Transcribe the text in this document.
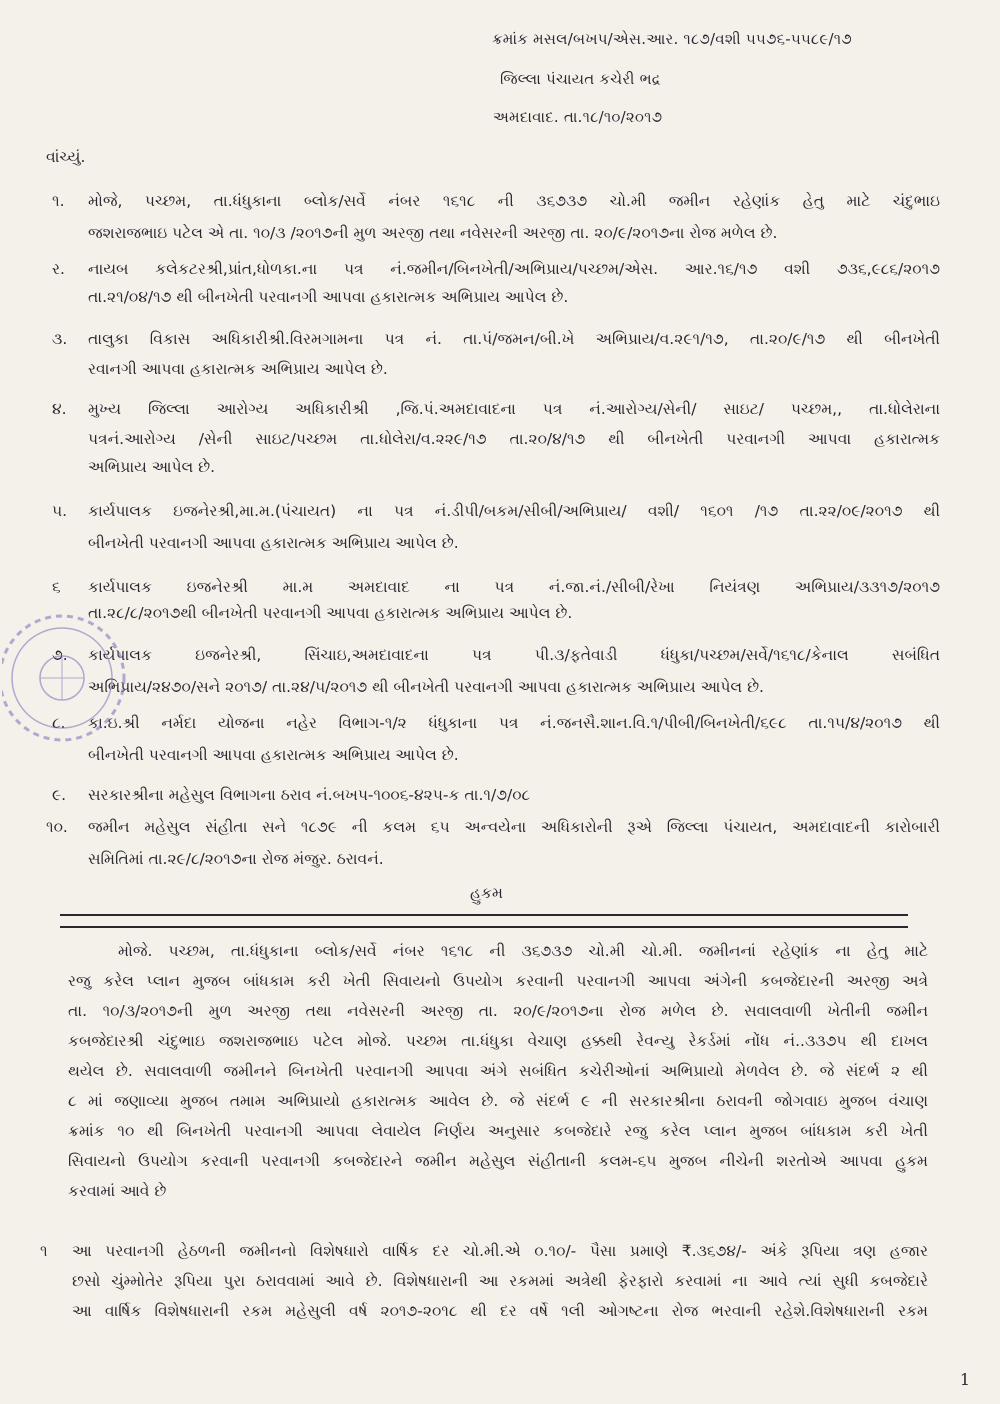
ક્રમાંક મસલ/બખપ/એસ.આર. ૧૮૭/વશી ૫૫૭૬-૫૫૮૯/૧૭
જિલ્લા પંચાયત કચેરી ભદ્ર
અમદાવાદ. તા.૧૮/૧૦/૨૦૧૭
વાંચ્યું.
૧. મોજે, પચ્છમ, તા.ધંધુકાના બ્લોક/સર્વે નંબર ૧૬૧૮ ની ૩૬૭૩૭ ચો.મી જમીન રહેણાંક હેતુ માટે ચંદુભાઇ
જશરાજભાઇ પટેલ એ તા. ૧૦/૩ /૨૦૧૭ની મુળ અરજી તથા નવેસરની અરજી તા. ૨૦/૯/૨૦૧૭ના રોજ મળેલ છે.
ર. નાયબ કલેકટરશ્રી,પ્રાંત,ધોળકા.ના પત્ર નં.જમીન/બિનખેતી/અભિપ્રાય/પચ્છમ/એસ. આર.૧૬/૧૭ વશી ૭૩૬,૯૮૬/૨૦૧૭
તા.૨૧/૦૪/૧૭ થી બીનખેતી પરવાનગી આપવા હકારાત્મક અભિપ્રાય આપેલ છે.
૩. તાલુકા વિકાસ અધિકારીશ્રી.વિરમગામના પત્ર નં. તા.પં/જમન/બી.ખે અભિપ્રાય/વ.૨૯૧/૧૭, તા.૨૦/૯/૧૭ થી બીનખેતી
રવાનગી આપવા હકારાત્મક અભિપ્રાય આપેલ છે.
૪. મુખ્ય જિલ્લા આરોગ્ય અધિકારીશ્રી ,જિ.પં.અમદાવાદના પત્ર નં.આરોગ્ય/સેની/ સાઇટ/ પચ્છમ,, તા.ધોલેરાના
પત્રનં.આરોગ્ય /સેની સાઇટ/પચ્છમ તા.ધોલેરા/વ.૨૨૯/૧૭ તા.૨૦/૪/૧૭ થી બીનખેતી પરવાનગી આપવા હકારાત્મક
અભિપ્રાય આપેલ છે.
૫. કાર્યપાલક ઇજનેરશ્રી,મા.મ.(પંચાયત) ના પત્ર નં.ડીપી/બકમ/સીબી/અભિપ્રાય/ વશી/ ૧૬૦૧ /૧૭ તા.૨૨/૦૯/૨૦૧૭ થી
બીનખેતી પરવાનગી આપવા હકારાત્મક અભિપ્રાય આપેલ છે.
૬ કાર્યપાલક ઇજનેરશ્રી મા.મ અમદાવાદ ના પત્ર નં.જા.નં./સીબી/રેખા નિયંત્રણ અભિપ્રાય/૩૩૧૭/૨૦૧૭
તા.૨૮/૮/૨૦૧૭થી બીનખેતી પરવાનગી આપવા હકારાત્મક અભિપ્રાય આપેલ છે.
૭. કાર્યપાલક ઇજનેરશ્રી, સિંચાઇ,અમદાવાદના પત્ર પી.૩/ફતેવાડી ધંધુકા/પચ્છમ/સર્વે/૧૬૧૮/કેનાલ સબંધિત
અભિપ્રાય/૨૪૭૦/સને ૨૦૧૭/ તા.૨૪/૫/૨૦૧૭ થી બીનખેતી પરવાનગી આપવા હકારાત્મક અભિપ્રાય આપેલ છે.
૮. કા.ઇ.શ્રી નર્મદા યોજના નહેર વિભાગ-૧/૨ ધંધુકાના પત્ર નં.જનસૈ.શાન.વિ.૧/પીબી/બિનખેતી/૬૯૮ તા.૧૫/૪/૨૦૧૭ થી
બીનખેતી પરવાનગી આપવા હકારાત્મક અભિપ્રાય આપેલ છે.
૯. સરકારશ્રીના મહેસુલ વિભાગના ઠરાવ નં.બખપ-૧૦૦૬-૪૨૫-ક તા.૧/૭/૦૮
૧૦. જમીન મહેસુલ સંહીતા સને ૧૮૭૯ ની કલમ ૬૫ અન્વયેના અધિકારોની રૂએ જિલ્લા પંચાયત, અમદાવાદની કારોબારી
સમિતિમાં તા.૨૯/૮/૨૦૧૭ના રોજ મંજુર. ઠરાવનં.
હુકમ
મોજે. પચ્છમ, તા.ધંધુકાના બ્લોક/સર્વે નંબર ૧૬૧૮ ની ૩૬૭૩૭ ચો.મી ચો.મી. જમીનનાં રહેણાંક ના હેતુ માટે
રજુ કરેલ પ્લાન મુજબ બાંધકામ કરી ખેતી સિવાયનો ઉપયોગ કરવાની પરવાનગી આપવા અંગેની કબજેદારની અરજી અત્રે
તા. ૧૦/૩/૨૦૧૭ની મુળ અરજી તથા નવેસરની અરજી તા. ૨૦/૯/૨૦૧૭ના રોજ મળેલ છે. સવાલવાળી ખેતીની જમીન
કબજેદારશ્રી ચંદુભાઇ જશરાજભાઇ પટેલ મોજે. પચ્છમ તા.ધંધુકા વેચાણ હક્કથી રેવન્યુ રેકર્ડમાં નોંધ નં..૩૩૭૫ થી દાખલ
થયેલ છે. સવાલવાળી જમીનને બિનખેતી પરવાનગી આપવા અંગે સબંધિત કચેરીઓનાં અભિપ્રાયો મેળવેલ છે. જે સંદર્ભ ૨ થી
૮ માં જણાવ્યા મુજબ તમામ અભિપ્રાયો હકારાત્મક આવેલ છે. જે સંદર્ભ ૯ ની સરકારશ્રીના ઠરાવની જોગવાઇ મુજબ વંચાણ
ક્રમાંક ૧૦ થી બિનખેતી પરવાનગી આપવા લેવાયેલ નિર્ણય અનુસાર કબજેદારે રજુ કરેલ પ્લાન મુજબ બાંધકામ કરી ખેતી
સિવાયનો ઉપયોગ કરવાની પરવાનગી કબજેદારને જમીન મહેસુલ સંહીતાની કલમ-૬૫ મુજબ નીચેની શરતોએ આપવા હુકમ
કરવામાં આવે છે
૧ આ પરવાનગી હેઠળની જમીનનો વિશેષધારો વાર્ષિક દર ચો.મી.એ ૦.૧૦/- પૈસા પ્રમાણે ₹.૩૬૭૪/- અંકે રૂપિયા ત્રણ હજાર
છસો ચુંમ્મોતેર રૂપિયા પુરા ઠરાવવામાં આવે છે. વિશેષધારાની આ રકમમાં અત્રેથી ફેરફારો કરવામાં ના આવે ત્યાં સુધી કબજેદારે
આ વાર્ષિક વિશેષધારાની રકમ મહેસુલી વર્ષ ૨૦૧૭-૨૦૧૮ થી દર વર્ષે ૧લી ઓગષ્ટના રોજ ભરવાની રહેશે.વિશેષધારાની રકમ
1
